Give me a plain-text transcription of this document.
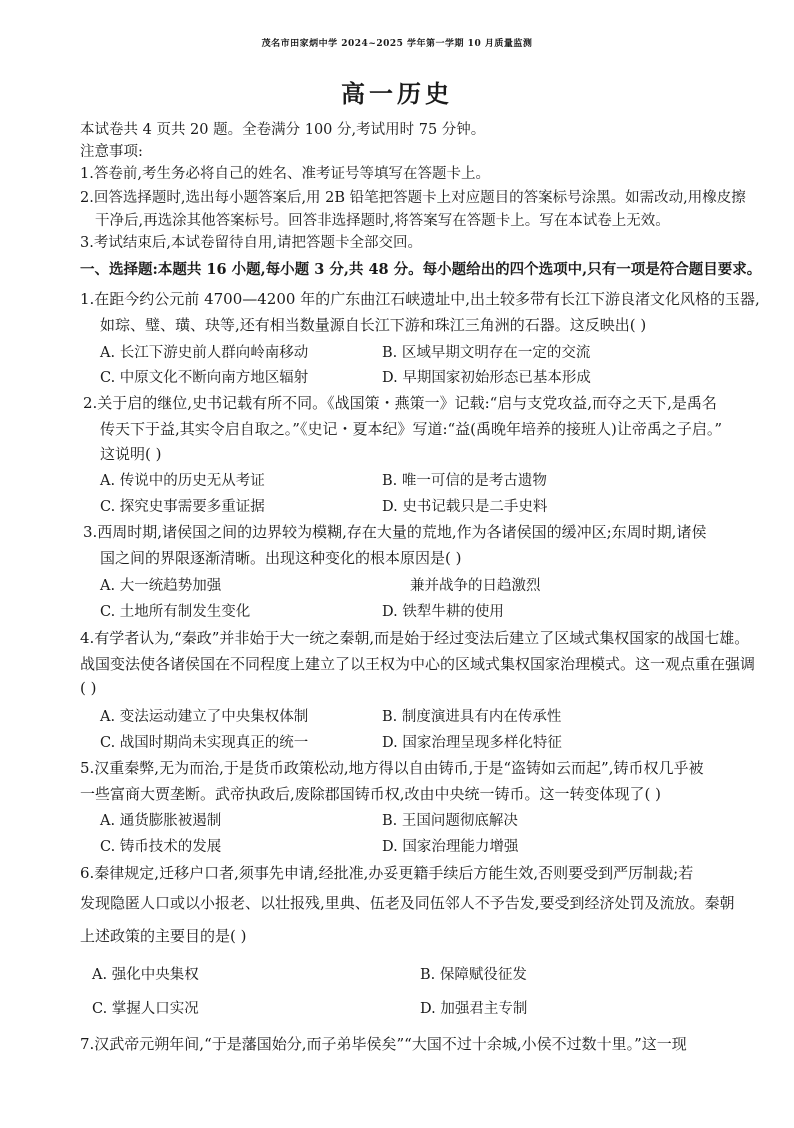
茂名市田家炳中学 2024~2025 学年第一学期 10 月质量监测
高一历史
本试卷共 4 页共 20 题。全卷满分 100 分,考试用时 75 分钟。
注意事项:
1.答卷前,考生务必将自己的姓名、准考证号等填写在答题卡上。
2.回答选择题时,选出每小题答案后,用 2B 铅笔把答题卡上对应题目的答案标号涂黑。如需改动,用橡皮擦
干净后,再选涂其他答案标号。回答非选择题时,将答案写在答题卡上。写在本试卷上无效。
3.考试结束后,本试卷留待自用,请把答题卡全部交回。
一、选择题:本题共 16 小题,每小题 3 分,共 48 分。每小题给出的四个选项中,只有一项是符合题目要求。
1.在距今约公元前 4700—4200 年的广东曲江石峡遗址中,出土较多带有长江下游良渚文化风格的玉器,
如琮、璧、璜、玦等,还有相当数量源自长江下游和珠江三角洲的石器。这反映出( )
A. 长江下游史前人群向岭南移动	B. 区域早期文明存在一定的交流
C. 中原文化不断向南方地区辐射	D. 早期国家初始形态已基本形成
2.关于启的继位,史书记载有所不同。《战国策・燕策一》记载:“启与支党攻益,而夺之天下,是禹名
传天下于益,其实令启自取之。”《史记・夏本纪》写道:“益(禹晚年培养的接班人)让帝禹之子启。”
这说明( )
A. 传说中的历史无从考证	B. 唯一可信的是考古遗物
C. 探究史事需要多重证据	D. 史书记载只是二手史料
3.西周时期,诸侯国之间的边界较为模糊,存在大量的荒地,作为各诸侯国的缓冲区;东周时期,诸侯
国之间的界限逐渐清晰。出现这种变化的根本原因是( )
A. 大一统趋势加强	兼并战争的日趋激烈
C. 土地所有制发生变化	D. 铁犁牛耕的使用
4.有学者认为,“秦政”并非始于大一统之秦朝,而是始于经过变法后建立了区域式集权国家的战国七雄。
战国变法使各诸侯国在不同程度上建立了以王权为中心的区域式集权国家治理模式。这一观点重在强调
( )
A. 变法运动建立了中央集权体制	B. 制度演进具有内在传承性
C. 战国时期尚未实现真正的统一	D. 国家治理呈现多样化特征
5.汉重秦弊,无为而治,于是货币政策松动,地方得以自由铸币,于是“盗铸如云而起”,铸币权几乎被
一些富商大贾垄断。武帝执政后,废除郡国铸币权,改由中央统一铸币。这一转变体现了( )
A. 通货膨胀被遏制	B. 王国问题彻底解决
C. 铸币技术的发展	D. 国家治理能力增强
6.秦律规定,迁移户口者,须事先申请,经批准,办妥更籍手续后方能生效,否则要受到严厉制裁;若
发现隐匿人口或以小报老、以壮报残,里典、伍老及同伍邻人不予告发,要受到经济处罚及流放。秦朝
上述政策的主要目的是( )
A. 强化中央集权	B. 保障赋役征发
C. 掌握人口实况	D. 加强君主专制
7.汉武帝元朔年间,“于是藩国始分,而子弟毕侯矣”“大国不过十余城,小侯不过数十里。”这一现
